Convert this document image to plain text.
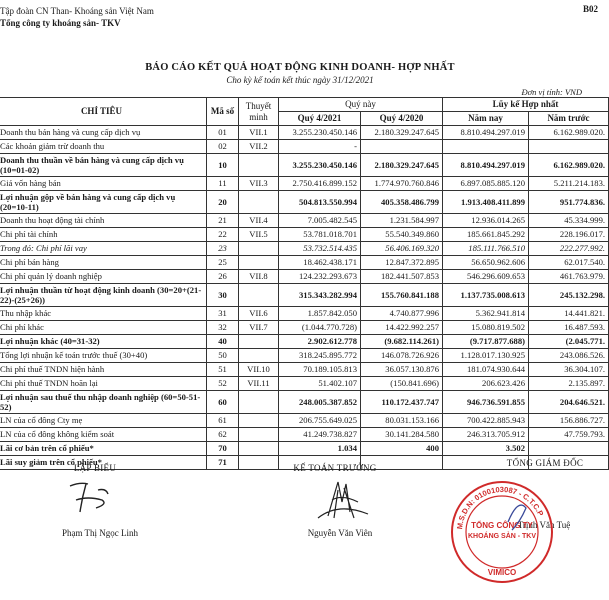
Tập đoàn CN Than- Khoáng sản Việt Nam
Tổng công ty khoáng sản- TKV
B02
BÁO CÁO KẾT QUẢ HOẠT ĐỘNG KINH DOANH- HỢP NHẤT
Cho kỳ kế toán kết thúc ngày 31/12/2021
Đơn vị tính: VND
CHỈ TIÊU	Mã số	Thuyết minh	Quý này		Lũy kế Hợp nhất	
			Quý 4/2021	Quý 4/2020	Năm nay	Năm trước
Doanh thu bán hàng và cung cấp dịch vụ	01	VII.1	3.255.230.450.146	2.180.329.247.645	8.810.494.297.019	6.162.989.020.
Các khoản giảm trừ doanh thu	02	VII.2	-			
Doanh thu thuần về bán hàng và cung cấp dịch vụ (10=01-02)	10		3.255.230.450.146	2.180.329.247.645	8.810.494.297.019	6.162.989.020.
Giá vốn hàng bán	11	VII.3	2.750.416.899.152	1.774.970.760.846	6.897.085.885.120	5.211.214.183.
Lợi nhuận gộp về bán hàng và cung cấp dịch vụ (20=10-11)	20		504.813.550.994	405.358.486.799	1.913.408.411.899	951.774.836.
Doanh thu hoạt động tài chính	21	VII.4	7.005.482.545	1.231.584.997	12.936.014.265	45.334.999.
Chi phí tài chính	22	VII.5	53.781.018.701	55.540.349.860	185.661.845.292	228.196.017.
Trong đó: Chi phí lãi vay	23		53.732.514.435	56.406.169.320	185.111.766.510	222.277.992.
Chi phí bán hàng	25		18.462.438.171	12.847.372.895	56.650.962.606	62.017.540.
Chi phí quản lý doanh nghiệp	26	VII.8	124.232.293.673	182.441.507.853	546.296.609.653	461.763.979.
Lợi nhuận thuần từ hoạt động kinh doanh (30=20+(21-22)-(25+26))	30		315.343.282.994	155.760.841.188	1.137.735.008.613	245.132.298.
Thu nhập khác	31	VII.6	1.857.842.050	4.740.877.996	5.362.941.814	14.441.821.
Chi phí khác	32	VII.7	(1.044.770.728)	14.422.992.257	15.080.819.502	16.487.593.
Lợi nhuận khác (40=31-32)	40		2.902.612.778	(9.682.114.261)	(9.717.877.688)	(2.045.771.
Tổng lợi nhuận kế toán trước thuế (30+40)	50		318.245.895.772	146.078.726.926	1.128.017.130.925	243.086.526.
Chi phí thuế TNDN hiện hành	51	VII.10	70.189.105.813	36.057.130.876	181.074.930.644	36.304.107.
Chi phí thuế TNDN hoãn lại	52	VII.11	51.402.107	(150.841.696)	206.623.426	2.135.897.
Lợi nhuận sau thuế thu nhập doanh nghiệp (60=50-51-52)	60		248.005.387.852	110.172.437.747	946.736.591.855	204.646.521.
LN của cổ đông Cty mẹ	61		206.755.649.025	80.031.153.166	700.422.885.943	156.886.727.
LN của cổ đông không kiểm soát	62		41.249.738.827	30.141.284.580	246.313.705.912	47.759.793.
Lãi cơ bản trên cổ phiếu*	70		1.034	400	3.502	
Lãi suy giảm trên cổ phiếu*	71					
LẬP BIỂU
Phạm Thị Ngọc Linh
KẾ TOÁN TRƯỞNG
Nguyễn Văn Viên
TỔNG GIÁM ĐỐC
Trịnh Văn Tuệ
M.S.D.N: 0100103087 - C.T.C.P
TỔNG CÔNG TY
KHOÁNG SẢN - TKV
VIMICO
